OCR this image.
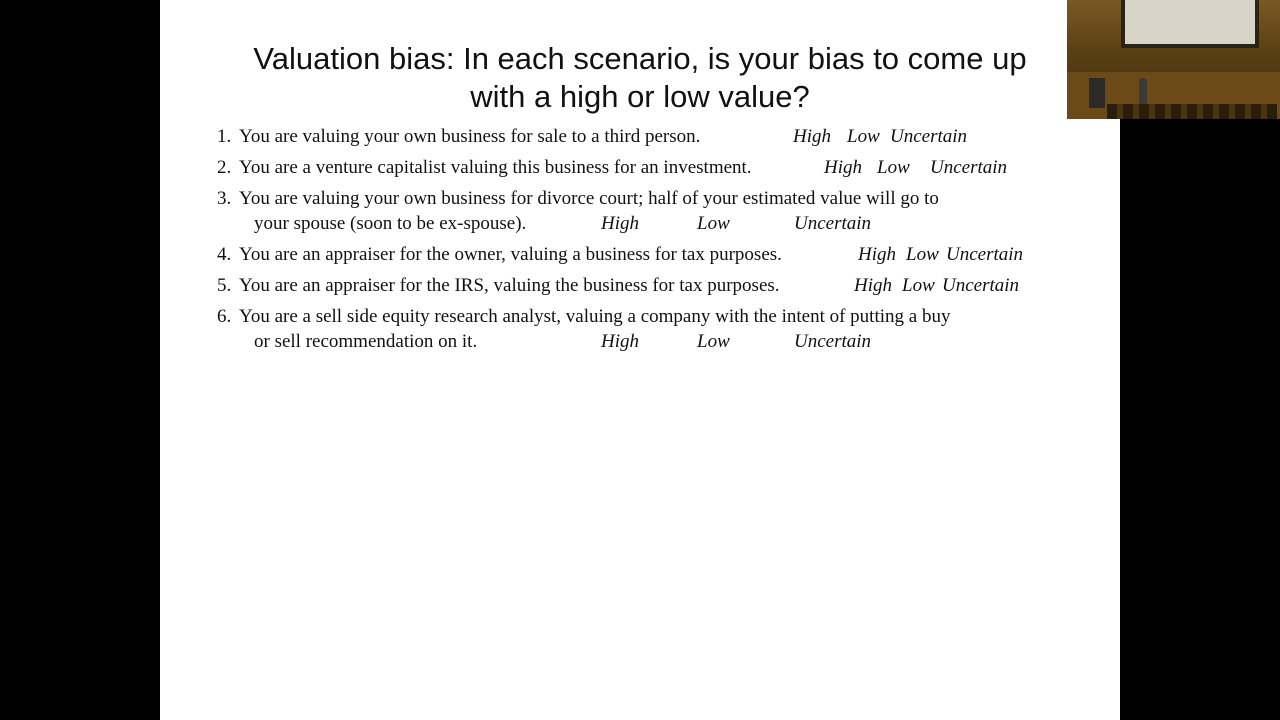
Valuation bias: In each scenario, is your bias to come up
with a high or low value?
1. You are valuing your own business for sale to a third person.	High Low Uncertain
2. You are a venture capitalist valuing this business for an investment.	High Low Uncertain
3. You are valuing your own business for divorce court; half of your estimated value will go to
your spouse (soon to be ex-spouse).	High	Low	Uncertain
4. You are an appraiser for the owner, valuing a business for tax purposes.	High Low Uncertain
5. You are an appraiser for the IRS, valuing the business for tax purposes.	High Low Uncertain
6. You are a sell side equity research analyst, valuing a company with the intent of putting a buy
or sell recommendation on it.	High	Low	Uncertain
